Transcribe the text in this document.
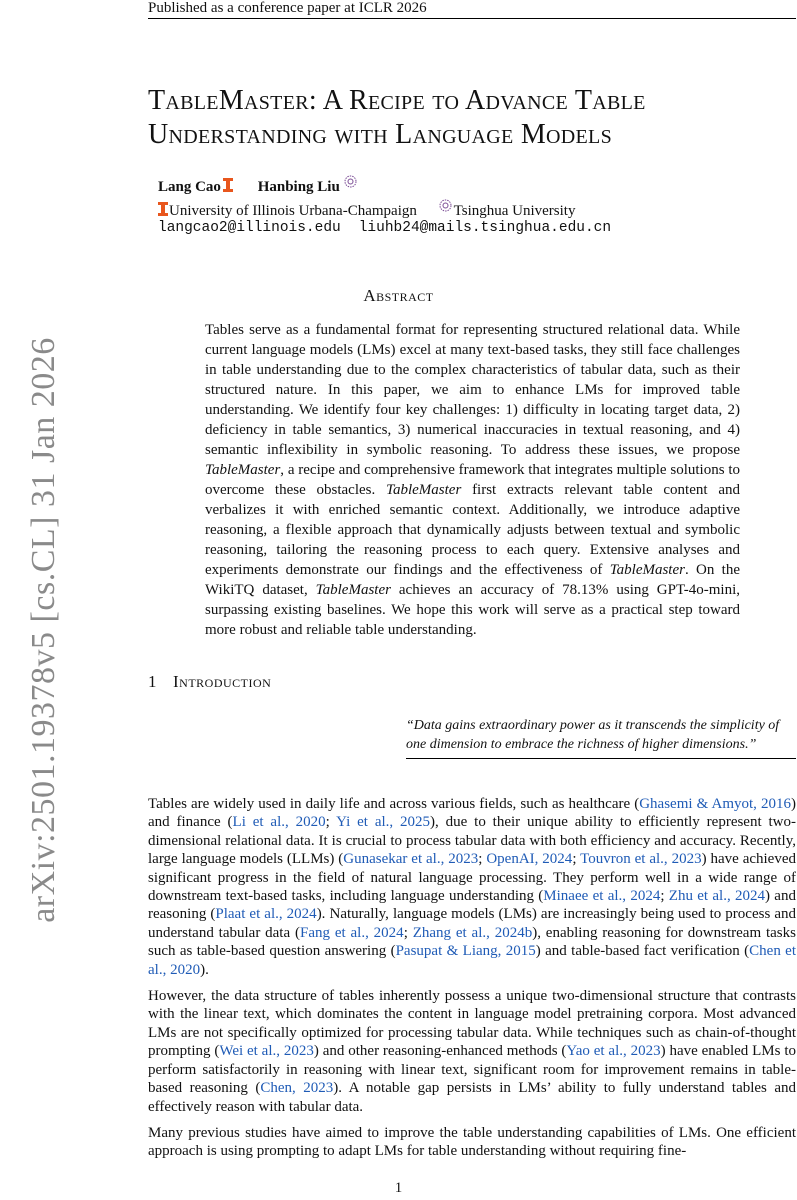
Published as a conference paper at ICLR 2026
arXiv:2501.19378v5 [cs.CL] 31 Jan 2026
TableMaster: A Recipe to Advance Table Understanding with Language Models
Lang Cao Hanbing Liu
University of Illinois Urbana-Champaign Tsinghua University
langcao2@illinois.edu liuhb24@mails.tsinghua.edu.cn
Abstract
Tables serve as a fundamental format for representing structured relational data. While current language models (LMs) excel at many text-based tasks, they still face challenges in table understanding due to the complex characteristics of tabular data, such as their structured nature. In this paper, we aim to enhance LMs for improved table understanding. We identify four key challenges: 1) difficulty in locating target data, 2) deficiency in table semantics, 3) numerical inaccuracies in textual reasoning, and 4) semantic inflexibility in symbolic reasoning. To address these issues, we propose TableMaster, a recipe and comprehensive framework that integrates multiple solutions to overcome these obstacles. TableMaster first extracts relevant table content and verbalizes it with enriched semantic context. Additionally, we introduce adaptive reasoning, a flexible approach that dynamically adjusts between textual and symbolic reasoning, tailoring the reasoning process to each query. Extensive analyses and experiments demonstrate our findings and the effectiveness of TableMaster. On the WikiTQ dataset, TableMaster achieves an accuracy of 78.13% using GPT-4o-mini, surpassing existing baselines. We hope this work will serve as a practical step toward more robust and reliable table understanding.
1 Introduction
“Data gains extraordinary power as it transcends the simplicity of one dimension to embrace the richness of higher dimensions.”

Tables are widely used in daily life and across various fields, such as healthcare (Ghasemi & Amyot, 2016) and finance (Li et al., 2020; Yi et al., 2025), due to their unique ability to efficiently represent two-dimensional relational data. It is crucial to process tabular data with both efficiency and accuracy. Recently, large language models (LLMs) (Gunasekar et al., 2023; OpenAI, 2024; Touvron et al., 2023) have achieved significant progress in the field of natural language processing. They perform well in a wide range of downstream text-based tasks, including language understanding (Minaee et al., 2024; Zhu et al., 2024) and reasoning (Plaat et al., 2024). Naturally, language models (LMs) are increasingly being used to process and understand tabular data (Fang et al., 2024; Zhang et al., 2024b), enabling reasoning for downstream tasks such as table-based question answering (Pasupat & Liang, 2015) and table-based fact verification (Chen et al., 2020).

However, the data structure of tables inherently possess a unique two-dimensional structure that contrasts with the linear text, which dominates the content in language model pretraining corpora. Most advanced LMs are not specifically optimized for processing tabular data. While techniques such as chain-of-thought prompting (Wei et al., 2023) and other reasoning-enhanced methods (Yao et al., 2023) have enabled LMs to perform satisfactorily in reasoning with linear text, significant room for improvement remains in table-based reasoning (Chen, 2023). A notable gap persists in LMs’ ability to fully understand tables and effectively reason with tabular data.

Many previous studies have aimed to improve the table understanding capabilities of LMs. One efficient approach is using prompting to adapt LMs for table understanding without requiring fine-

1
